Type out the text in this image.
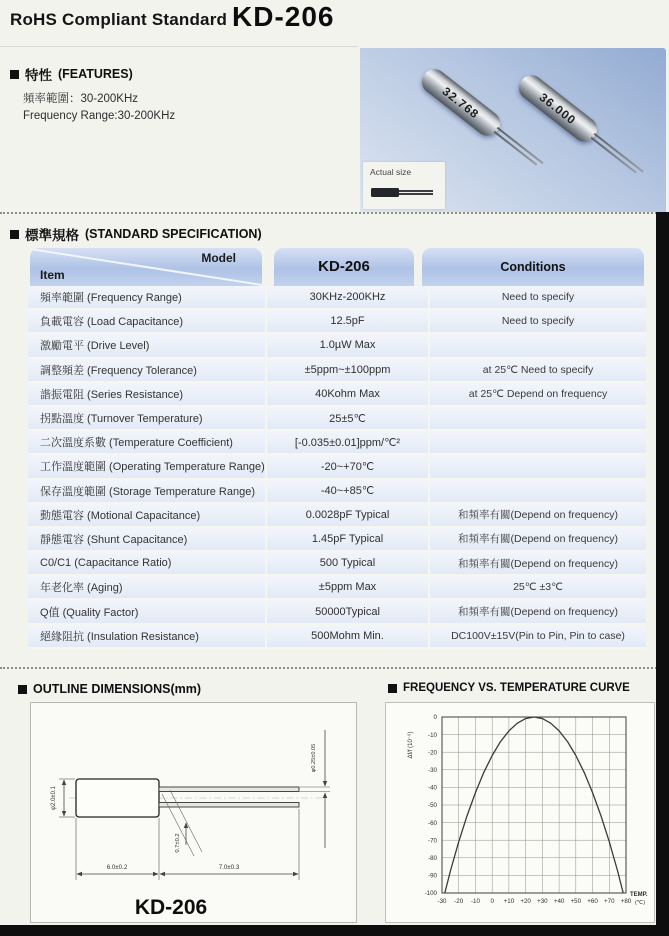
RoHS Compliant Standard KD-206
特性 (FEATURES)
頻率範圍：30-200KHz
Frequency Range:30-200KHz	32.768	36.000
Actual size
標準規格 (STANDARD SPECIFICATION)
Item
Model	KD-206	Conditions
頻率範圍 (Frequency Range)	30KHz-200KHz	Need to specify
負載電容 (Load Capacitance)	12.5pF	Need to specify
激勵電平 (Drive Level)	1.0µW Max
調整頻差 (Frequency Tolerance)	±5ppm~±100ppm	at 25℃ Need to specify
諧振電阻 (Series Resistance)	40Kohm Max	at 25℃ Depend on frequency
拐點溫度 (Turnover Temperature)	25±5℃
二次溫度系數 (Temperature Coefficient)	[-0.035±0.01]ppm/℃²
工作溫度範圍 (Operating Temperature Range)	-20~+70℃
保存溫度範圍 (Storage Temperature Range)	-40~+85℃
動態電容 (Motional Capacitance)	0.0028pF Typical	和頻率有關(Depend on frequency)
靜態電容 (Shunt Capacitance)	1.45pF Typical	和頻率有關(Depend on frequency)
C0/C1 (Capacitance Ratio)	500 Typical	和頻率有關(Depend on frequency)
年老化率 (Aging)	±5ppm Max	25℃ ±3℃
Q值 (Quality Factor)	50000Typical	和頻率有關(Depend on frequency)
絕緣阻抗 (Insulation Resistance)	500Mohm Min.	DC100V±15V(Pin to Pin, Pin to case)
OUTLINE DIMENSIONS(mm)	FREQUENCY VS. TEMPERATURE CURVE
φ2.0±0.1
6.0±0.2	7.0±0.3
0.7±0.2
φ0.25±0.05
KD-206	-30 -20 -10 0 +10 +20 +30 +40 +50 +60 +70 +80
0
-10
-20
-30
-40
-50
-60
-70
-80
-90
-100
Δf/f (10⁻⁶)
TEMP.
(℃)
